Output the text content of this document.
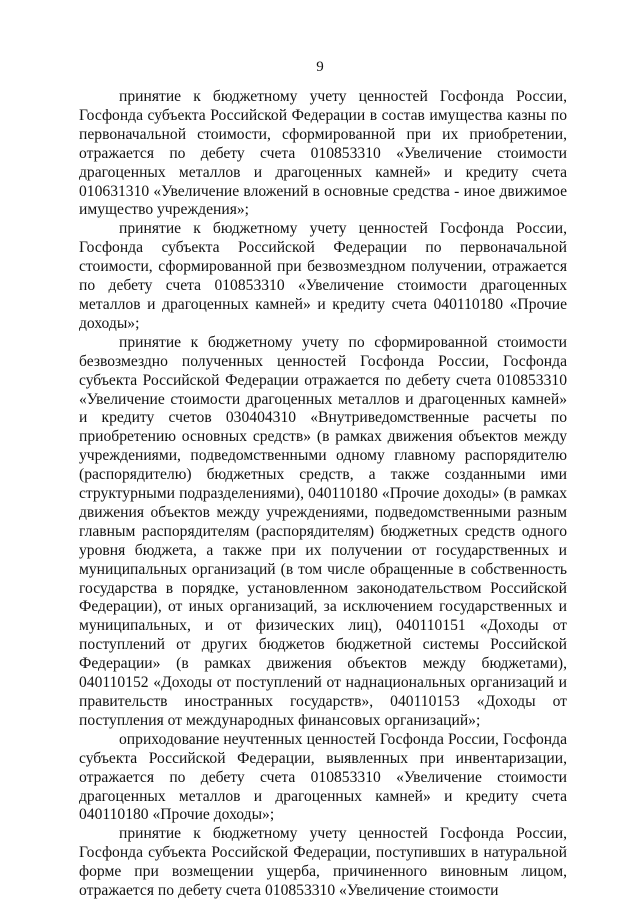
9

принятие к бюджетному учету ценностей Госфонда России, Госфонда субъекта Российской Федерации в состав имущества казны по первоначальной стоимости, сформированной при их приобретении, отражается по дебету счета 010853310 «Увеличение стоимости драгоценных металлов и драгоценных камней» и кредиту счета 010631310 «Увеличение вложений в основные средства - иное движимое имущество учреждения»;

принятие к бюджетному учету ценностей Госфонда России, Госфонда субъекта Российской Федерации по первоначальной стоимости, сформированной при безвозмездном получении, отражается по дебету счета 010853310 «Увеличение стоимости драгоценных металлов и драгоценных камней» и кредиту счета 040110180 «Прочие доходы»;

принятие к бюджетному учету по сформированной стоимости безвозмездно полученных ценностей Госфонда России, Госфонда субъекта Российской Федерации отражается по дебету счета 010853310 «Увеличение стоимости драгоценных металлов и драгоценных камней» и кредиту счетов 030404310 «Внутриведомственные расчеты по приобретению основных средств» (в рамках движения объектов между учреждениями, подведомственными одному главному распорядителю (распорядителю) бюджетных средств, а также созданными ими структурными подразделениями), 040110180 «Прочие доходы» (в рамках движения объектов между учреждениями, подведомственными разным главным распорядителям (распорядителям) бюджетных средств одного уровня бюджета, а также при их получении от государственных и муниципальных организаций (в том числе обращенные в собственность государства в порядке, установленном законодательством Российской Федерации), от иных организаций, за исключением государственных и муниципальных, и от физических лиц), 040110151 «Доходы от поступлений от других бюджетов бюджетной системы Российской Федерации» (в рамках движения объектов между бюджетами), 040110152 «Доходы от поступлений от наднациональных организаций и правительств иностранных государств», 040110153 «Доходы от поступления от международных финансовых организаций»;

оприходование неучтенных ценностей Госфонда России, Госфонда субъекта Российской Федерации, выявленных при инвентаризации, отражается по дебету счета 010853310 «Увеличение стоимости драгоценных металлов и драгоценных камней» и кредиту счета 040110180 «Прочие доходы»;

принятие к бюджетному учету ценностей Госфонда России, Госфонда субъекта Российской Федерации, поступивших в натуральной форме при возмещении ущерба, причиненного виновным лицом, отражается по дебету счета 010853310 «Увеличение стоимости
